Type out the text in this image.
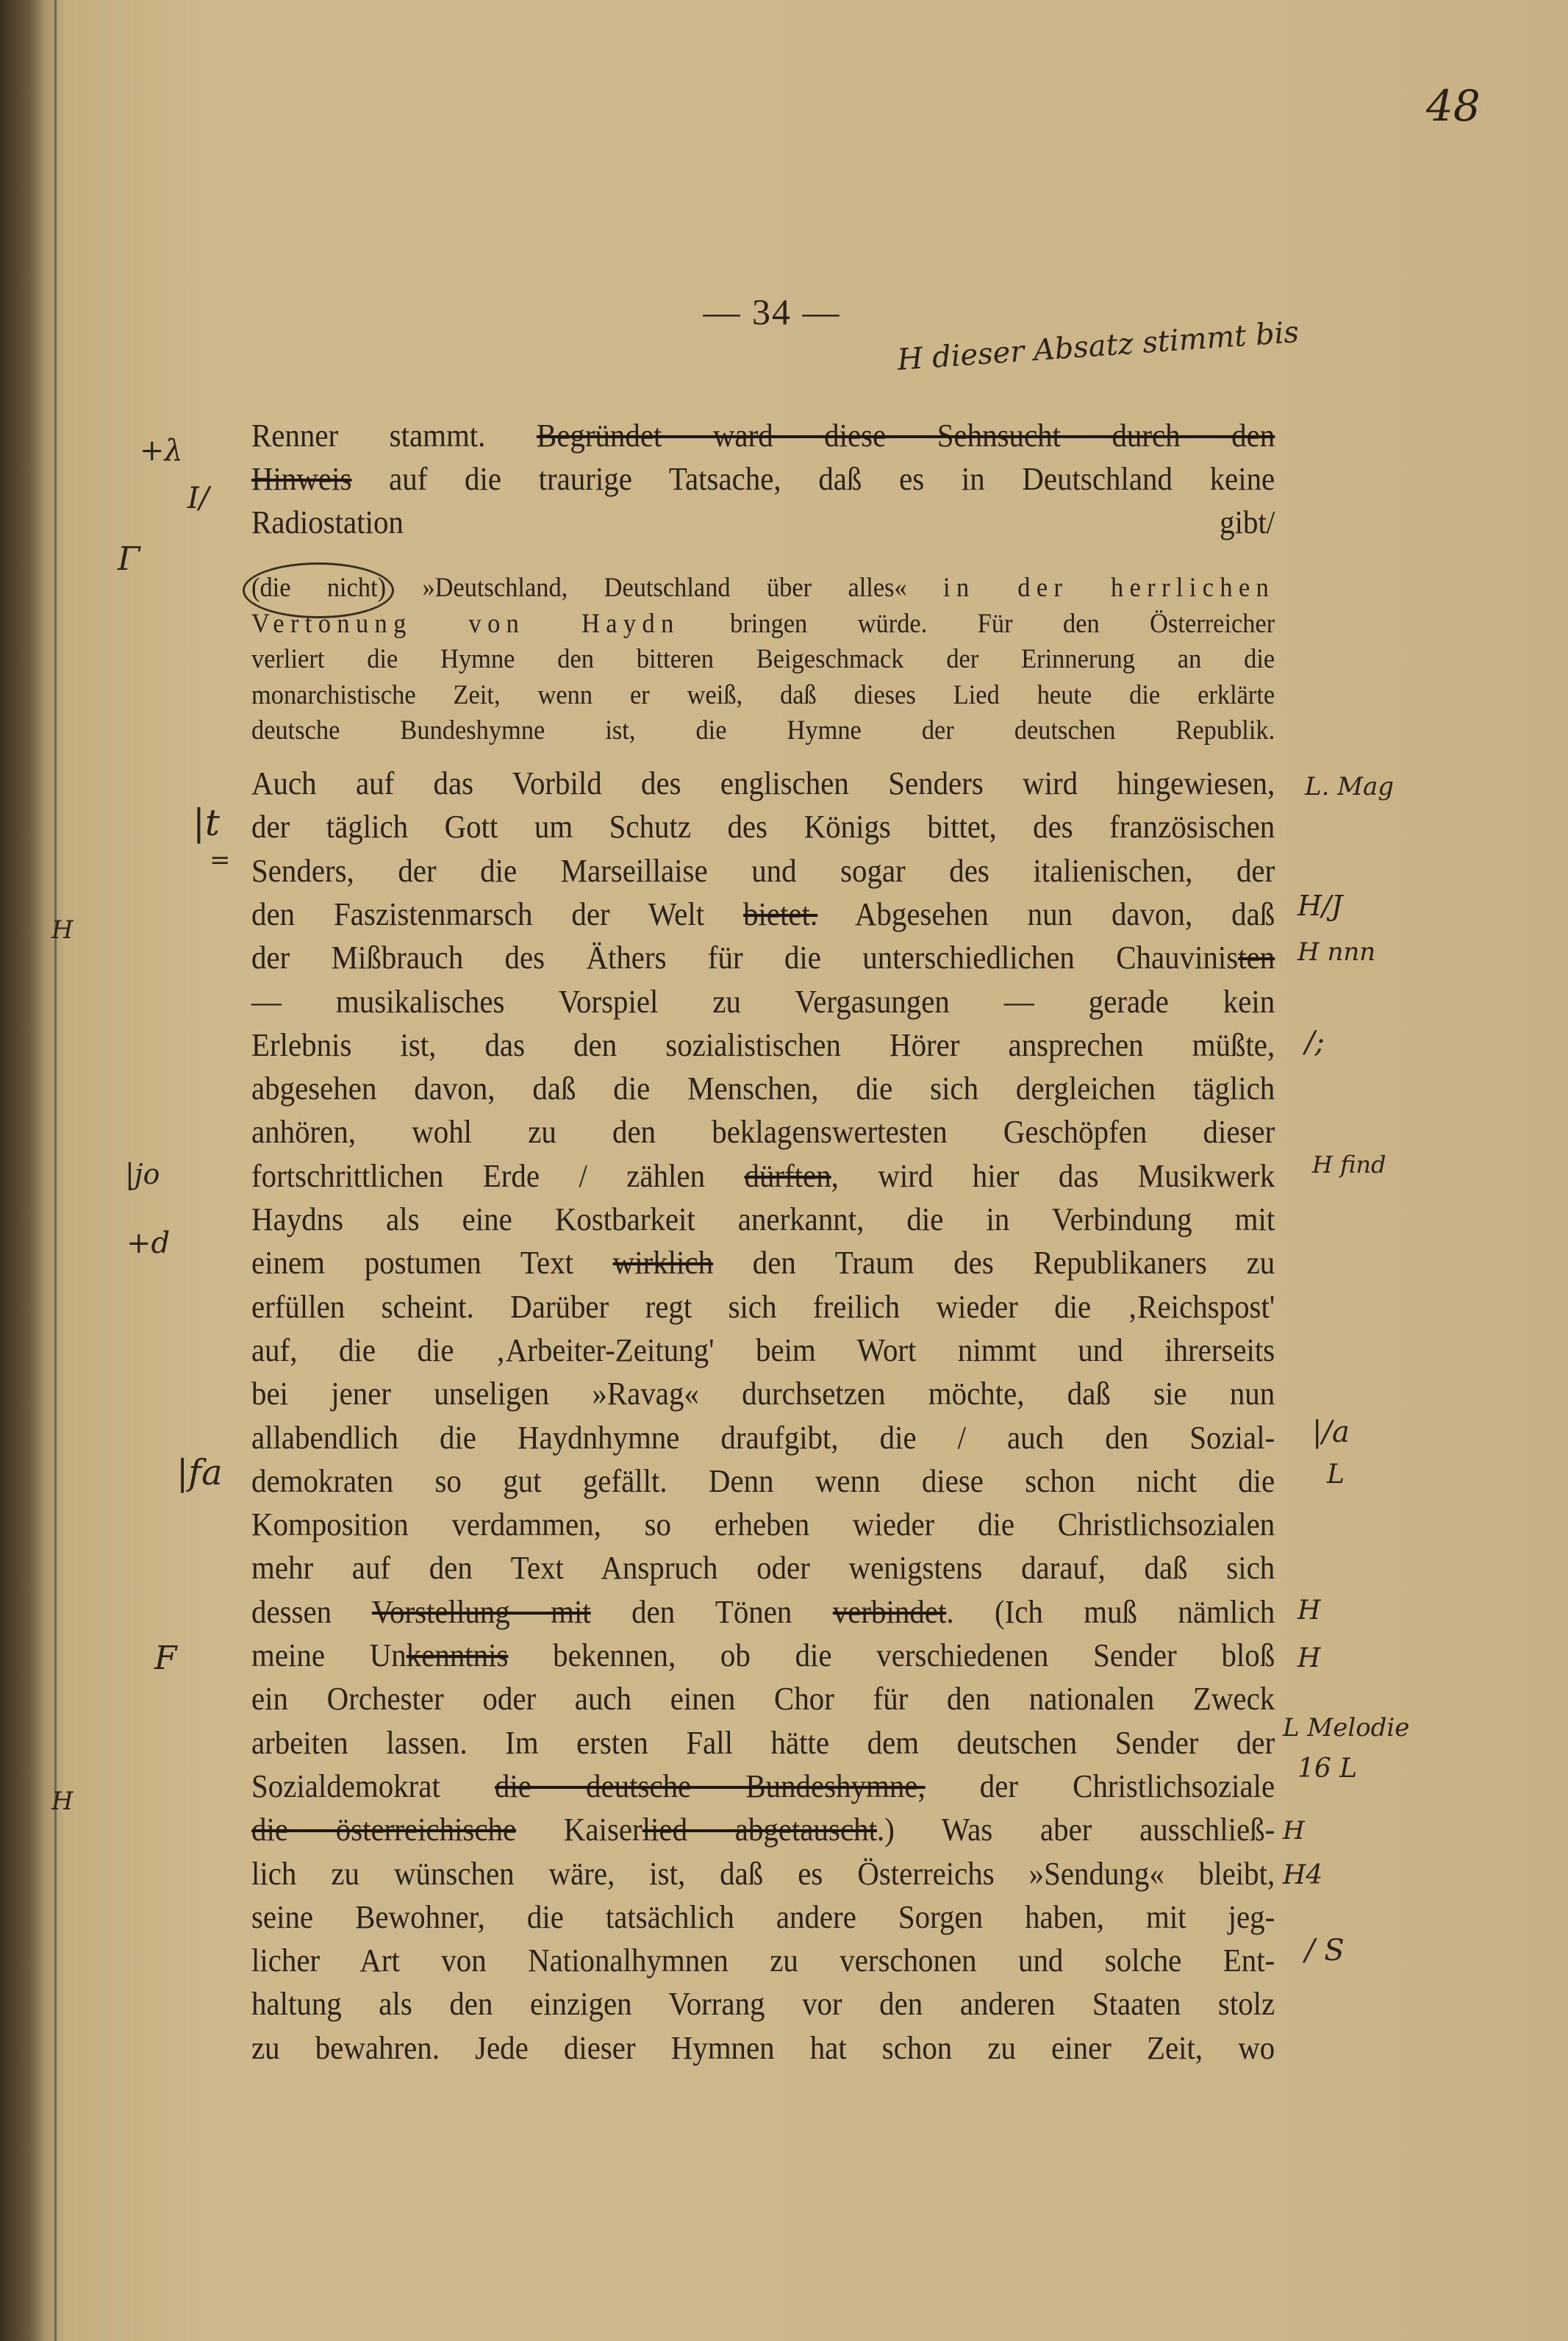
48
— 34 —
H dieser Absatz stimmt bis
Renner stammt. Begründet ward diese Sehnsucht durch den
Hinweis auf die traurige Tatsache, daß es in Deutschland keine
Radiostation gibt/
(die nicht) »Deutschland, Deutschland über alles« in der herrlichen
Vertonung von Haydn bringen würde. Für den Österreicher
verliert die Hymne den bitteren Beigeschmack der Erinnerung an die
monarchistische Zeit, wenn er weiß, daß dieses Lied heute die erklärte
deutsche Bundeshymne ist, die Hymne der deutschen Republik.
Auch auf das Vorbild des englischen Senders wird hingewiesen,
der täglich Gott um Schutz des Königs bittet, des französischen
Senders, der die Marseillaise und sogar des italienischen, der
den Faszistenmarsch der Welt bietet. Abgesehen nun davon, daß
der Mißbrauch des Äthers für die unterschiedlichen Chauvinisten
— musikalisches Vorspiel zu Vergasungen — gerade kein
Erlebnis ist, das den sozialistischen Hörer ansprechen müßte,
abgesehen davon, daß die Menschen, die sich dergleichen täglich
anhören, wohl zu den beklagenswertesten Geschöpfen dieser
fortschrittlichen Erde / zählen dürften, wird hier das Musikwerk
Haydns als eine Kostbarkeit anerkannt, die in Verbindung mit
einem postumen Text wirklich den Traum des Republikaners zu
erfüllen scheint. Darüber regt sich freilich wieder die ‚Reichspost'
auf, die die ‚Arbeiter-Zeitung' beim Wort nimmt und ihrerseits
bei jener unseligen »Ravag« durchsetzen möchte, daß sie nun
allabendlich die Haydnhymne draufgibt, die / auch den Sozial-
demokraten so gut gefällt. Denn wenn diese schon nicht die
Komposition verdammen, so erheben wieder die Christlichsozialen
mehr auf den Text Anspruch oder wenigstens darauf, daß sich
dessen Vorstellung mit den Tönen verbindet. (Ich muß nämlich
meine Unkenntnis bekennen, ob die verschiedenen Sender bloß
ein Orchester oder auch einen Chor für den nationalen Zweck
arbeiten lassen. Im ersten Fall hätte dem deutschen Sender der
Sozialdemokrat die deutsche Bundeshymne, der Christlichsoziale
die österreichische Kaiserlied abgetauscht.) Was aber ausschließ-
lich zu wünschen wäre, ist, daß es Österreichs »Sendung« bleibt,
seine Bewohner, die tatsächlich andere Sorgen haben, mit jeg-
licher Art von Nationalhymnen zu verschonen und solche Ent-
haltung als den einzigen Vorrang vor den anderen Staaten stolz
zu bewahren. Jede dieser Hymnen hat schon zu einer Zeit, wo
+λ
I/
Γ
|t
=
H
|jo
+d
|fa
F
H
L. Mag
H/J
H nnn
/;
H find
|/a
L
H
H
L Melodie
16 L
H
H4
/ S
